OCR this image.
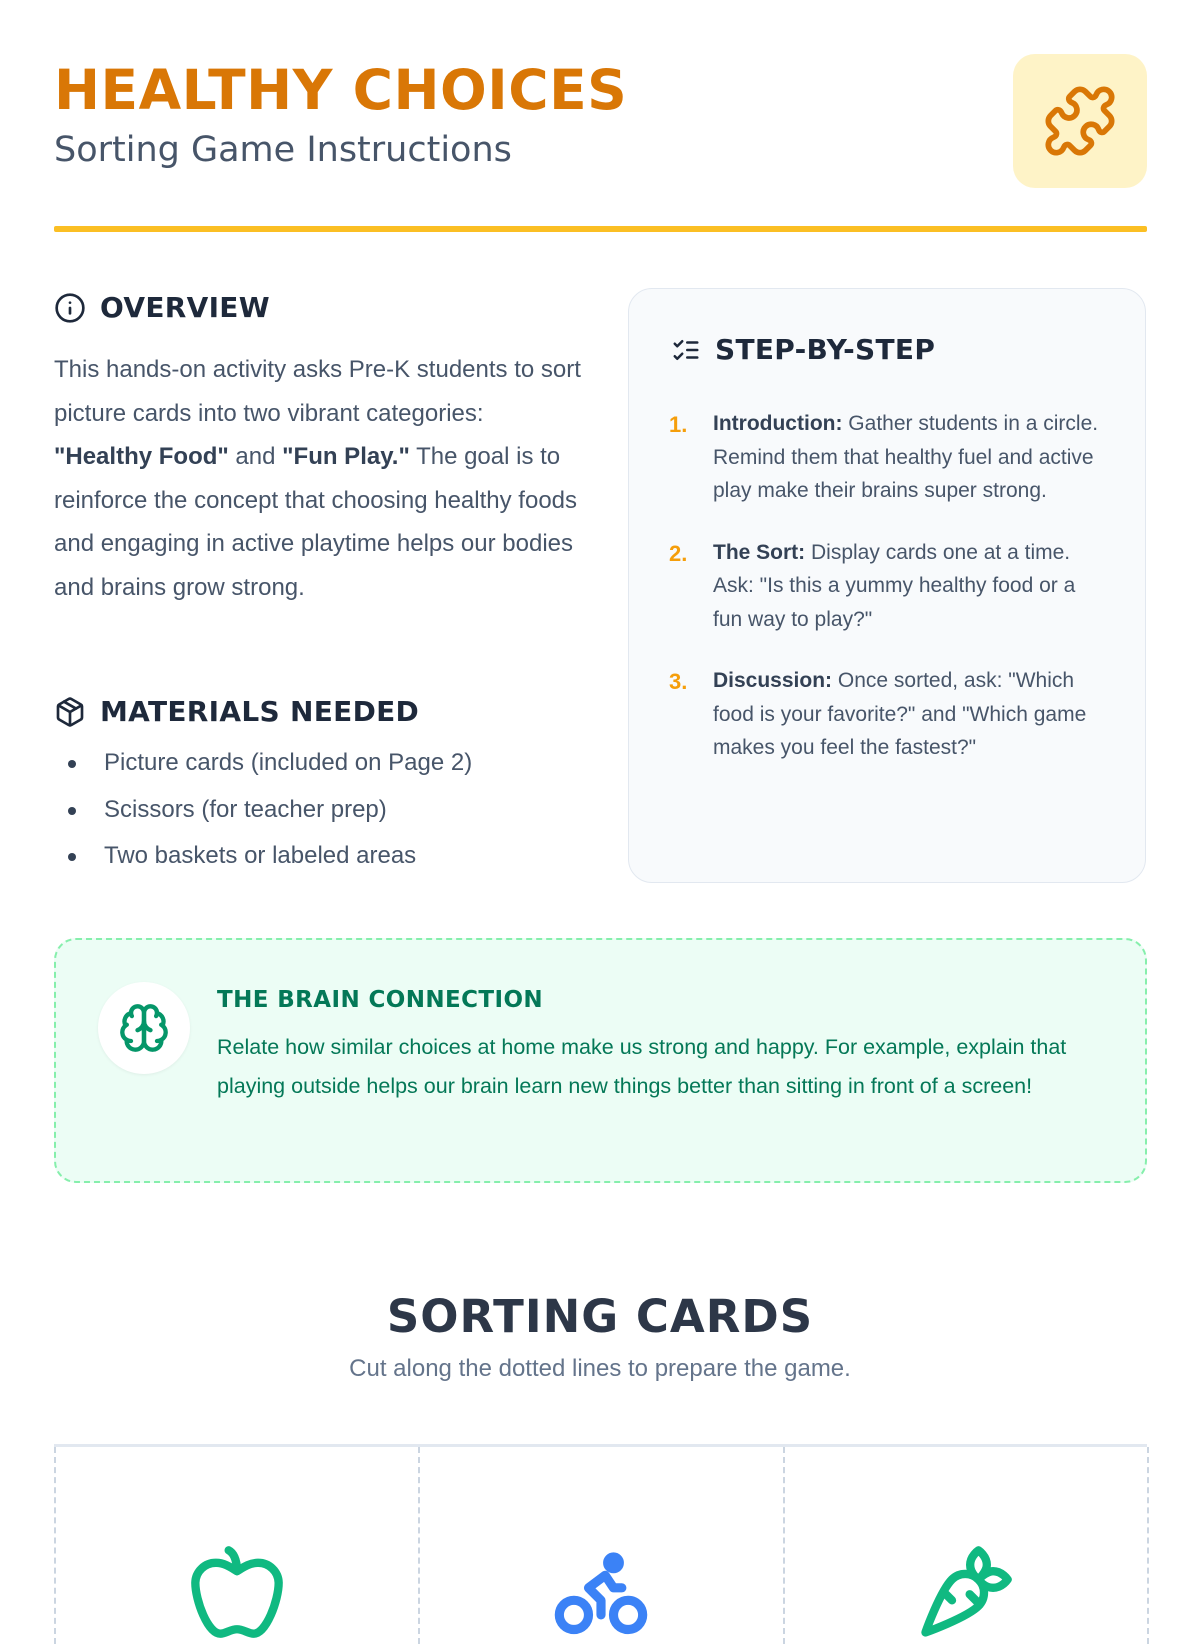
HEALTHY CHOICES
Sorting Game Instructions
OVERVIEW

This hands-on activity asks Pre-K students to sort picture cards into two vibrant categories: "Healthy Food" and "Fun Play." The goal is to reinforce the concept that choosing healthy foods and engaging in active playtime helps our bodies and brains grow strong.

MATERIALS NEEDED
Picture cards (included on Page 2)
Scissors (for teacher prep)
Two baskets or labeled areas
STEP-BY-STEP
1. Introduction: Gather students in a circle. Remind them that healthy fuel and active play make their brains super strong.
2. The Sort: Display cards one at a time. Ask: "Is this a yummy healthy food or a fun way to play?"
3. Discussion: Once sorted, ask: "Which food is your favorite?" and "Which game makes you feel the fastest?"
THE BRAIN CONNECTION

Relate how similar choices at home make us strong and happy. For example, explain that playing outside helps our brain learn new things better than sitting in front of a screen!

SORTING CARDS
Cut along the dotted lines to prepare the game.
